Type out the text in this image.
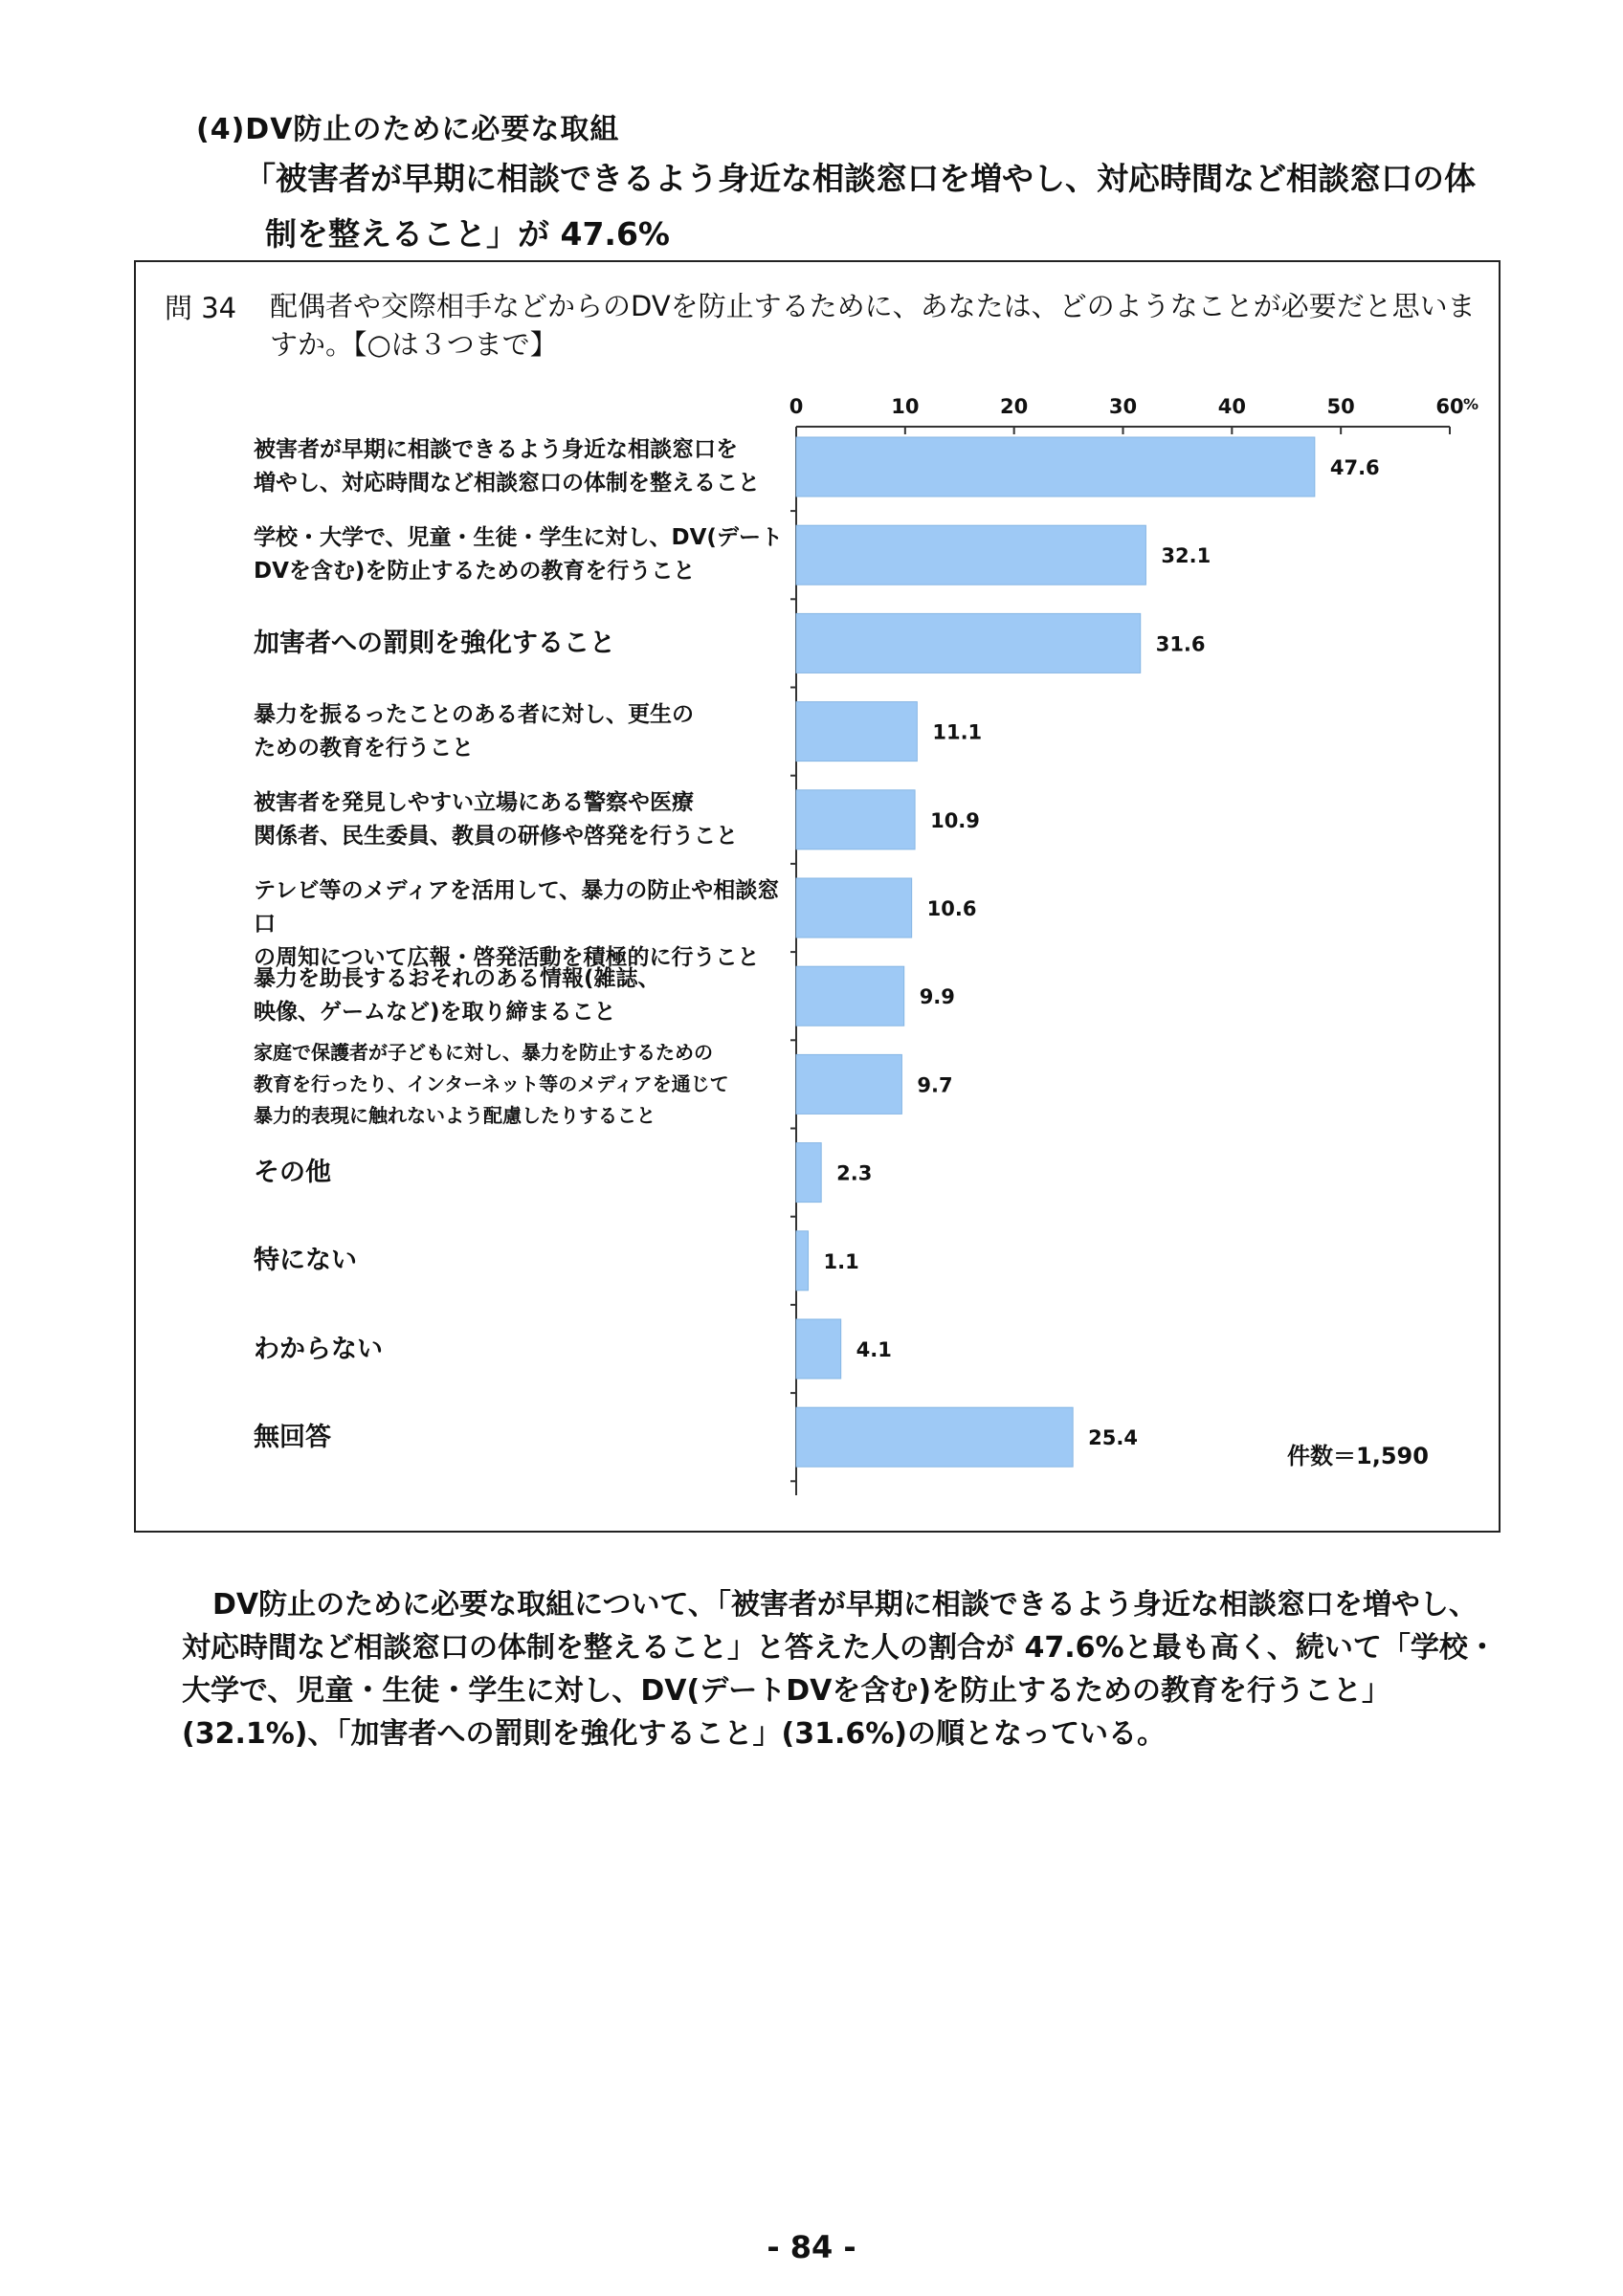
(4)DV防止のために必要な取組
「被害者が早期に相談できるよう身近な相談窓口を増やし、対応時間など相談窓口の体
制を整えること」が 47.6%
問 34 配偶者や交際相手などからのDVを防止するために、あなたは、どのようなことが必要だと思いますか。【○は３つまで】
被害者が早期に相談できるよう身近な相談窓口を
増やし、対応時間など相談窓口の体制を整えること
学校・大学で、児童・生徒・学生に対し、DV(デート
DVを含む)を防止するための教育を行うこと
加害者への罰則を強化すること
暴力を振るったことのある者に対し、更生の
ための教育を行うこと
被害者を発見しやすい立場にある警察や医療
関係者、民生委員、教員の研修や啓発を行うこと
テレビ等のメディアを活用して、暴力の防止や相談窓口
の周知について広報・啓発活動を積極的に行うこと
暴力を助長するおそれのある情報(雑誌、
映像、ゲームなど)を取り締まること
家庭で保護者が子どもに対し、暴力を防止するための
教育を行ったり、インターネット等のメディアを通じて
暴力的表現に触れないよう配慮したりすること
その他
特にない
わからない
無回答
0	10	20	30	40	50	60 %
47.6
32.1
31.6
11.1
10.9
10.6
9.9
9.7
2.3
1.1
4.1
25.4
件数＝1,590
DV防止のために必要な取組について、「被害者が早期に相談できるよう身近な相談窓口を増やし、対応時間など相談窓口の体制を整えること」と答えた人の割合が 47.6%と最も高く、続いて「学校・大学で、児童・生徒・学生に対し、DV(デートDVを含む)を防止するための教育を行うこと」(32.1%)、「加害者への罰則を強化すること」(31.6%)の順となっている。
- 84 -
